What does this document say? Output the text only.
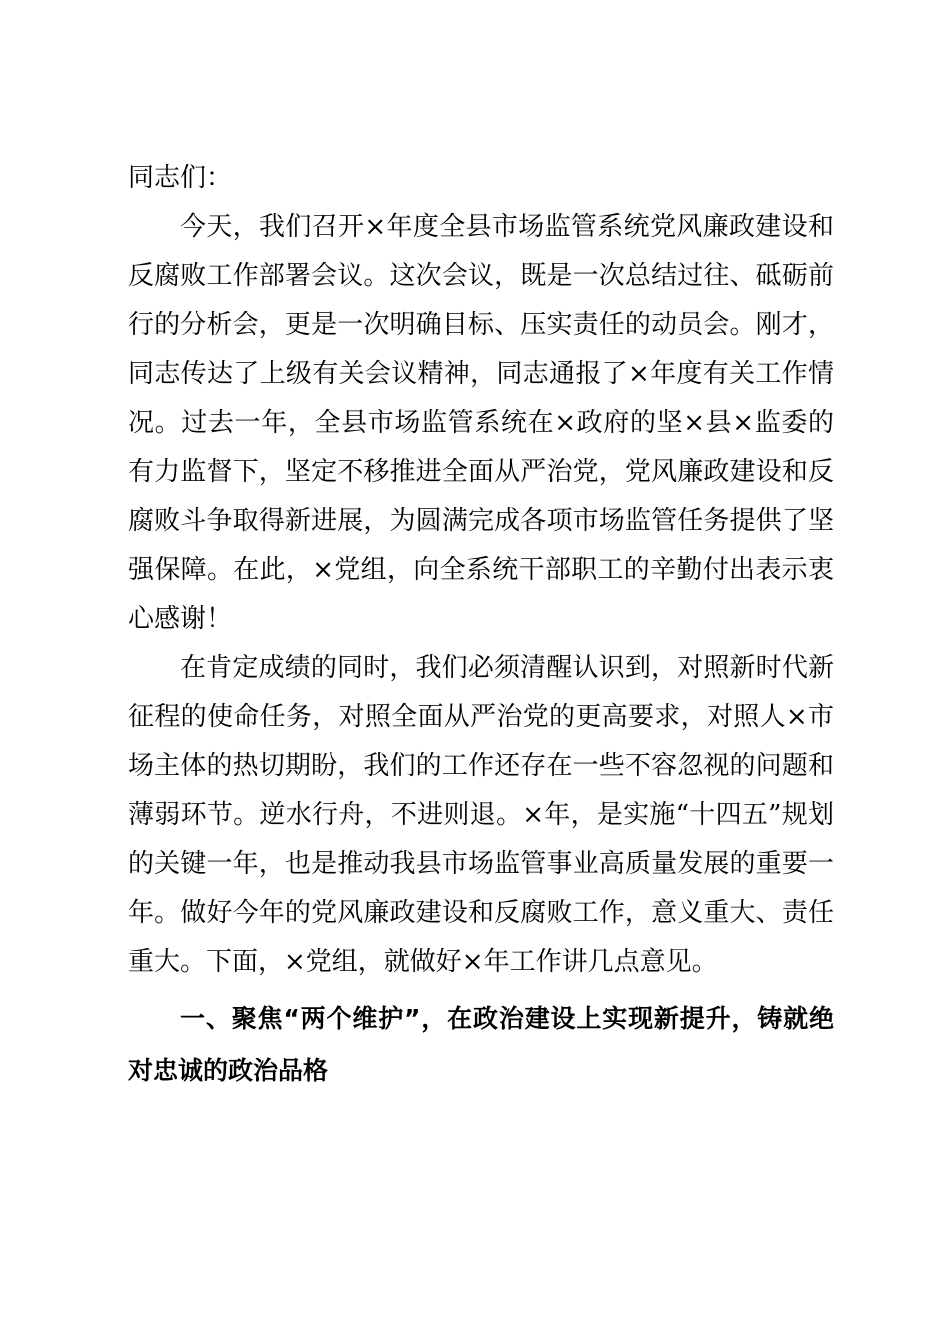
同志们：

今天，我们召开×年度全县市场监管系统党风廉政建设和反腐败工作部署会议。这次会议，既是一次总结过往、砥砺前行的分析会，更是一次明确目标、压实责任的动员会。刚才，同志传达了上级有关会议精神，同志通报了×年度有关工作情况。过去一年，全县市场监管系统在×政府的坚×县×监委的有力监督下，坚定不移推进全面从严治党，党风廉政建设和反腐败斗争取得新进展，为圆满完成各项市场监管任务提供了坚强保障。在此，×党组，向全系统干部职工的辛勤付出表示衷心感谢！

在肯定成绩的同时，我们必须清醒认识到，对照新时代新征程的使命任务，对照全面从严治党的更高要求，对照人×市场主体的热切期盼，我们的工作还存在一些不容忽视的问题和薄弱环节。逆水行舟，不进则退。×年，是实施“十四五”规划的关键一年，也是推动我县市场监管事业高质量发展的重要一年。做好今年的党风廉政建设和反腐败工作，意义重大、责任重大。下面，×党组，就做好×年工作讲几点意见。

一、聚焦“两个维护”，在政治建设上实现新提升，铸就绝对忠诚的政治品格
